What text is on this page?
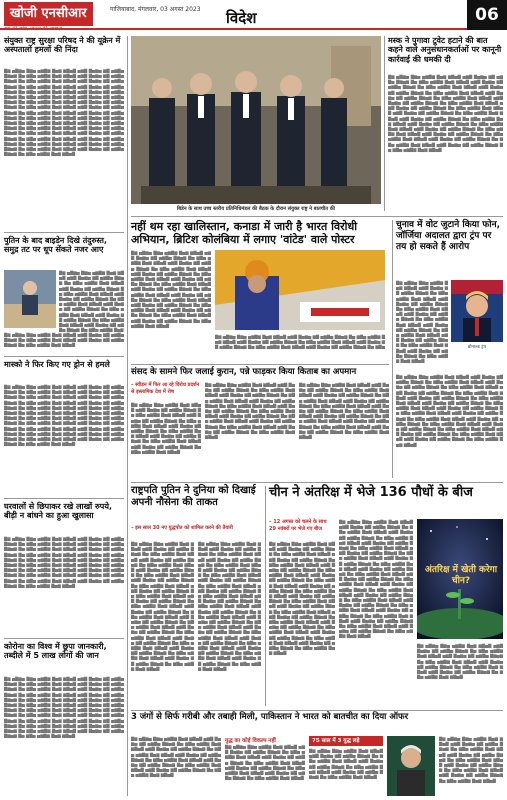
खोजी एनसीआर
सच की जांच, जनता की आवाज़
गाजियाबाद, मंगलवार, 03 अगस्त 2023	विदेश	06
संयुक्त राष्ट्र सुरक्षा परिषद ने की यूक्रेन में अस्पतालों हमलों की निंदा
▇▆ ▅▇▆▅ ▇▆▅ ▅▆▇▆ ▇▅▆ ▆▇▅▇ ▅▆▇ ▇▅▆▅ ▆▇ ▅▆▇▅ ▇▆▅▆ ▇▅ ▆▇▅ ▅▆▇▆ ▇▅▆ ▆▇▅▇ ▅▆▇ ▇▅▆▅ ▆▇ ▅▆▇▅ ▇▆▅▆ ▇▅ ▆▇▅ ▅▆▇▆ ▇▅▆ ▆▇▅▇ ▅▆▇ ▇▅▆▅ ▆▇ ▅▆▇▅ ▇▆▅▆ ▇▅ ▆▇▅ ▅▆▇▆ ▇▅▆ ▆▇▅▇ ▅▆▇ ▇▅▆▅ ▆▇ ▅▆▇▅ ▇▆▅▆ ▇▅ ▆▇▅ ▅▆▇▆ ▇▅▆ ▆▇▅▇ ▅▆▇ ▇▅▆▅ ▆▇ ▅▆▇▅ ▇▆▅▆ ▇▅ ▆▇▅ ▅▆▇▆ ▇▅▆ ▆▇▅▇ ▅▆▇ ▇▅▆▅ ▆▇ ▅▆▇▅ ▇▆▅▆ ▇▅ ▆▇▅ ▅▆▇▆ ▇▅▆ ▆▇▅▇ ▅▆▇ ▇▅▆▅ ▆▇ ▅▆▇▅ ▇▆▅▆ ▇▅ ▆▇▅ ▅▆▇▆ ▇▅▆ ▆▇▅▇ ▅▆▇ ▇▅▆▅ ▆▇ ▅▆▇▅ ▇▆▅▆ ▇▅ ▆▇▅ ▅▆▇▆ ▇▅▆ ▆▇▅▇ ▅▆▇ ▇▅▆▅ ▆▇ ▅▆▇▅ ▇▆▅▆ ▇▅ ▆▇▅ ▅▆▇▆ ▇▅▆ ▆▇▅▇ ▅▆▇ ▇▅▆▅ ▆▇ ▅▆▇▅ ▇▆▅▆ ▇▅ ▆▇▅ ▅▆▇▆ ▇▅▆ ▆▇▅▇ ▅▆▇ ▇▅▆▅ ▆▇ ▅▆▇▅ ▇▆▅▆ ▇▅ ▆▇▅ ▅▆▇▆ ▇▅▆ ▆▇▅▇ ▅▆▇ ▇▅▆▅ ▆▇ ▅▆▇▅ ▇▆▅▆ ▇▅ ▆▇▅ ▅▆▇▆ ▇▅▆ ▆▇▅▇ ▅▆▇ ▇▅▆▅ ▆▇ ▅▆▇▅ ▇▆▅▆ ▇▅ ▆▇▅ ▅▆▇▆ ▇▅▆ ▆▇▅▇ ▅▆▇ ▇▅▆▅ ▆▇ ▅▆▇▅ ▇▆▅▆ ▇▅ ▆▇▅ ▅▆▇▆ ▇▅▆ ▆▇▅▇ ▅▆▇ ▇▅▆▅ ▆▇ ▅▆▇▅ ▇▆▅▆ ▇▅ ▆▇▅ ▅▆▇▆ ▇▅▆ ▆▇▅▇ ▅▆▇ ▇▅▆▅ ▆▇ ▅▆▇▅ ▇▆▅▆ ▇▅ ▆▇▅ ▅▆▇▆ ▇▅▆ ▆▇▅▇
पुतिन के बाद बाइडेन दिखे तंदुरुस्त, समुद्र तट पर धूप सेंकते नजर आए
▇▆ ▅▇▆▅ ▇▆▅ ▅▆▇▆ ▇▅▆ ▆▇▅▇ ▅▆▇ ▇▅▆▅ ▆▇ ▅▆▇▅ ▇▆▅▆ ▇▅ ▆▇▅ ▅▆▇▆ ▇▅▆ ▆▇▅▇ ▅▆▇ ▇▅▆▅ ▆▇ ▅▆▇▅ ▇▆▅▆ ▇▅ ▆▇▅ ▅▆▇▆ ▇▅▆ ▆▇▅▇ ▅▆▇ ▇▅▆▅ ▆▇ ▅▆▇▅ ▇▆▅▆ ▇▅ ▆▇▅ ▅▆▇▆ ▇▅▆ ▆▇▅▇ ▅▆▇ ▇▅▆▅ ▆▇ ▅▆▇▅ ▇▆▅▆ ▇▅ ▆▇▅ ▅▆▇▆ ▇▅▆ ▆▇▅▇ ▅▆▇ ▇▅▆▅ ▆▇ ▅▆▇▅ ▇▆▅▆ ▇▅ ▆▇▅ ▅▆▇▆ ▇▅▆ ▆▇▅▇ ▅▆▇ ▇▅▆▅ ▆▇ ▅▆▇▅ ▇▆▅▆ ▇▅ ▆▇▅ ▅▆▇▆ ▇▅▆
▇▆ ▅▇▆▅ ▇▆▅ ▅▆▇▆ ▇▅▆ ▆▇▅▇ ▅▆▇ ▇▅▆▅ ▆▇ ▅▆▇▅ ▇▆▅▆ ▇▅ ▆▇▅ ▅▆▇▆ ▇▅▆ ▆▇▅▇ ▅▆▇ ▇▅▆▅ ▆▇ ▅▆▇▅ ▇▆▅▆ ▇▅ ▆▇▅ ▅▆▇▆ ▇▅▆ ▆▇▅▇
मास्को ने फिर किए गए ड्रोन से हमले
▇▆ ▅▇▆▅ ▇▆▅ ▅▆▇▆ ▇▅▆ ▆▇▅▇ ▅▆▇ ▇▅▆▅ ▆▇ ▅▆▇▅ ▇▆▅▆ ▇▅ ▆▇▅ ▅▆▇▆ ▇▅▆ ▆▇▅▇ ▅▆▇ ▇▅▆▅ ▆▇ ▅▆▇▅ ▇▆▅▆ ▇▅ ▆▇▅ ▅▆▇▆ ▇▅▆ ▆▇▅▇ ▅▆▇ ▇▅▆▅ ▆▇ ▅▆▇▅ ▇▆▅▆ ▇▅ ▆▇▅ ▅▆▇▆ ▇▅▆ ▆▇▅▇ ▅▆▇ ▇▅▆▅ ▆▇ ▅▆▇▅ ▇▆▅▆ ▇▅ ▆▇▅ ▅▆▇▆ ▇▅▆ ▆▇▅▇ ▅▆▇ ▇▅▆▅ ▆▇ ▅▆▇▅ ▇▆▅▆ ▇▅ ▆▇▅ ▅▆▇▆ ▇▅▆ ▆▇▅▇ ▅▆▇ ▇▅▆▅ ▆▇ ▅▆▇▅ ▇▆▅▆ ▇▅ ▆▇▅ ▅▆▇▆ ▇▅▆ ▆▇▅▇ ▅▆▇ ▇▅▆▅ ▆▇ ▅▆▇▅ ▇▆▅▆ ▇▅ ▆▇▅ ▅▆▇▆ ▇▅▆ ▆▇▅▇ ▅▆▇ ▇▅▆▅ ▆▇ ▅▆▇▅ ▇▆▅▆ ▇▅ ▆▇▅ ▅▆▇▆ ▇▅▆ ▆▇▅▇ ▅▆▇ ▇▅▆▅ ▆▇ ▅▆▇▅ ▇▆▅▆ ▇▅ ▆▇▅ ▅▆▇▆ ▇▅▆ ▆▇▅▇ ▅▆▇ ▇▅▆▅ ▆▇ ▅▆▇▅ ▇▆▅▆ ▇▅ ▆▇▅ ▅▆▇▆ ▇▅▆ ▆▇▅▇ ▅▆▇ ▇▅▆▅ ▆▇ ▅▆▇▅ ▇▆▅▆ ▇▅ ▆▇▅ ▅▆▇▆ ▇▅▆ ▆▇▅▇
घरवालों से छिपाकर रखे लाखों रुपये, बीड़ी न बांधने का हुआ खुलासा
▇▆ ▅▇▆▅ ▇▆▅ ▅▆▇▆ ▇▅▆ ▆▇▅▇ ▅▆▇ ▇▅▆▅ ▆▇ ▅▆▇▅ ▇▆▅▆ ▇▅ ▆▇▅ ▅▆▇▆ ▇▅▆ ▆▇▅▇ ▅▆▇ ▇▅▆▅ ▆▇ ▅▆▇▅ ▇▆▅▆ ▇▅ ▆▇▅ ▅▆▇▆ ▇▅▆ ▆▇▅▇ ▅▆▇ ▇▅▆▅ ▆▇ ▅▆▇▅ ▇▆▅▆ ▇▅ ▆▇▅ ▅▆▇▆ ▇▅▆ ▆▇▅▇ ▅▆▇ ▇▅▆▅ ▆▇ ▅▆▇▅ ▇▆▅▆ ▇▅ ▆▇▅ ▅▆▇▆ ▇▅▆ ▆▇▅▇ ▅▆▇ ▇▅▆▅ ▆▇ ▅▆▇▅ ▇▆▅▆ ▇▅ ▆▇▅ ▅▆▇▆ ▇▅▆ ▆▇▅▇ ▅▆▇ ▇▅▆▅ ▆▇ ▅▆▇▅ ▇▆▅▆ ▇▅ ▆▇▅ ▅▆▇▆ ▇▅▆ ▆▇▅▇ ▅▆▇ ▇▅▆▅ ▆▇ ▅▆▇▅ ▇▆▅▆ ▇▅ ▆▇▅ ▅▆▇▆ ▇▅▆ ▆▇▅▇ ▅▆▇ ▇▅▆▅ ▆▇ ▅▆▇▅ ▇▆▅▆ ▇▅ ▆▇▅ ▅▆▇▆ ▇▅▆ ▆▇▅▇ ▅▆▇ ▇▅▆▅ ▆▇ ▅▆▇▅ ▇▆▅▆ ▇▅ ▆▇▅ ▅▆▇▆ ▇▅▆ ▆▇▅▇
कोरोना का विश्व में छूपा जानकारी, तब्दीले में 5 लाख लोगों की जान
▇▆ ▅▇▆▅ ▇▆▅ ▅▆▇▆ ▇▅▆ ▆▇▅▇ ▅▆▇ ▇▅▆▅ ▆▇ ▅▆▇▅ ▇▆▅▆ ▇▅ ▆▇▅ ▅▆▇▆ ▇▅▆ ▆▇▅▇ ▅▆▇ ▇▅▆▅ ▆▇ ▅▆▇▅ ▇▆▅▆ ▇▅ ▆▇▅ ▅▆▇▆ ▇▅▆ ▆▇▅▇ ▅▆▇ ▇▅▆▅ ▆▇ ▅▆▇▅ ▇▆▅▆ ▇▅ ▆▇▅ ▅▆▇▆ ▇▅▆ ▆▇▅▇ ▅▆▇ ▇▅▆▅ ▆▇ ▅▆▇▅ ▇▆▅▆ ▇▅ ▆▇▅ ▅▆▇▆ ▇▅▆ ▆▇▅▇ ▅▆▇ ▇▅▆▅ ▆▇ ▅▆▇▅ ▇▆▅▆ ▇▅ ▆▇▅ ▅▆▇▆ ▇▅▆ ▆▇▅▇ ▅▆▇ ▇▅▆▅ ▆▇ ▅▆▇▅ ▇▆▅▆ ▇▅ ▆▇▅ ▅▆▇▆ ▇▅▆ ▆▇▅▇ ▅▆▇ ▇▅▆▅ ▆▇ ▅▆▇▅ ▇▆▅▆ ▇▅ ▆▇▅ ▅▆▇▆ ▇▅▆ ▆▇▅▇ ▅▆▇ ▇▅▆▅ ▆▇ ▅▆▇▅ ▇▆▅▆ ▇▅ ▆▇▅ ▅▆▇▆ ▇▅▆ ▆▇▅▇ ▅▆▇ ▇▅▆▅ ▆▇ ▅▆▇▅ ▇▆▅▆ ▇▅ ▆▇▅ ▅▆▇▆ ▇▅▆ ▆▇▅▇ ▅▆▇ ▇▅▆▅ ▆▇ ▅▆▇▅ ▇▆▅▆ ▇▅ ▆▇▅ ▅▆▇▆ ▇▅▆ ▆▇▅▇ ▅▆▇ ▇▅▆▅ ▆▇ ▅▆▇▅ ▇▆▅▆ ▇▅ ▆▇▅ ▅▆▇▆ ▇▅▆ ▆▇▅▇
बिडेन के साथ उच्च स्तरीय प्रतिनिधिमंडल की बैठक के दौरान संयुक्त राष्ट्र ने बातचीत की
मस्क ने पुगावा टूवेट हटाने की बात कहने वाले अनुसंधानकर्ताओं पर कानूनी कार्रवाई की धमकी दी
▇▆ ▅▇▆▅ ▇▆▅ ▅▆▇▆ ▇▅▆ ▆▇▅▇ ▅▆▇ ▇▅▆▅ ▆▇ ▅▆▇▅ ▇▆▅▆ ▇▅ ▆▇▅ ▅▆▇▆ ▇▅▆ ▆▇▅▇ ▅▆▇ ▇▅▆▅ ▆▇ ▅▆▇▅ ▇▆▅▆ ▇▅ ▆▇▅ ▅▆▇▆ ▇▅▆ ▆▇▅▇ ▅▆▇ ▇▅▆▅ ▆▇ ▅▆▇▅ ▇▆▅▆ ▇▅ ▆▇▅ ▅▆▇▆ ▇▅▆ ▆▇▅▇ ▅▆▇ ▇▅▆▅ ▆▇ ▅▆▇▅ ▇▆▅▆ ▇▅ ▆▇▅ ▅▆▇▆ ▇▅▆ ▆▇▅▇ ▅▆▇ ▇▅▆▅ ▆▇ ▅▆▇▅ ▇▆▅▆ ▇▅ ▆▇▅ ▅▆▇▆ ▇▅▆ ▆▇▅▇ ▅▆▇ ▇▅▆▅ ▆▇ ▅▆▇▅ ▇▆▅▆ ▇▅ ▆▇▅ ▅▆▇▆ ▇▅▆ ▆▇▅▇ ▅▆▇ ▇▅▆▅ ▆▇ ▅▆▇▅ ▇▆▅▆ ▇▅ ▆▇▅ ▅▆▇▆ ▇▅▆ ▆▇▅▇ ▅▆▇ ▇▅▆▅ ▆▇ ▅▆▇▅ ▇▆▅▆ ▇▅ ▆▇▅ ▅▆▇▆ ▇▅▆ ▆▇▅▇ ▅▆▇ ▇▅▆▅ ▆▇ ▅▆▇▅ ▇▆▅▆ ▇▅ ▆▇▅ ▅▆▇▆ ▇▅▆ ▆▇▅▇ ▅▆▇ ▇▅▆▅ ▆▇ ▅▆▇▅ ▇▆▅▆ ▇▅ ▆▇▅ ▅▆▇▆ ▇▅▆ ▆▇▅▇ ▅▆▇ ▇▅▆▅ ▆▇ ▅▆▇▅ ▇▆▅▆ ▇▅ ▆▇▅ ▅▆▇▆ ▇▅▆ ▆▇▅▇ ▅▆▇ ▇▅▆▅ ▆▇ ▅▆▇▅ ▇▆▅▆ ▇▅ ▆▇▅ ▅▆▇▆ ▇▅▆ ▆▇▅▇ ▅▆▇ ▇▅▆▅ ▆▇ ▅▆▇▅ ▇▆▅▆ ▇▅ ▆▇▅ ▅▆▇▆ ▇▅▆ ▆▇▅▇
नहीं थम रहा खालिस्तान, कनाडा में जारी है भारत विरोधी अभियान, ब्रिटिश कोलंबिया में लगाए 'वांटेड' वाले पोस्टर
▇▆ ▅▇▆▅ ▇▆▅ ▅▆▇▆ ▇▅▆ ▆▇▅▇ ▅▆▇ ▇▅▆▅ ▆▇ ▅▆▇▅ ▇▆▅▆ ▇▅ ▆▇▅ ▅▆▇▆ ▇▅▆ ▆▇▅▇ ▅▆▇ ▇▅▆▅ ▆▇ ▅▆▇▅ ▇▆▅▆ ▇▅ ▆▇▅ ▅▆▇▆ ▇▅▆ ▆▇▅▇ ▅▆▇ ▇▅▆▅ ▆▇ ▅▆▇▅ ▇▆▅▆ ▇▅ ▆▇▅ ▅▆▇▆ ▇▅▆ ▆▇▅▇ ▅▆▇ ▇▅▆▅ ▆▇ ▅▆▇▅ ▇▆▅▆ ▇▅ ▆▇▅ ▅▆▇▆ ▇▅▆ ▆▇▅▇ ▅▆▇ ▇▅▆▅ ▆▇ ▅▆▇▅ ▇▆▅▆ ▇▅ ▆▇▅ ▅▆▇▆ ▇▅▆ ▆▇▅▇ ▅▆▇ ▇▅▆▅ ▆▇ ▅▆▇▅ ▇▆▅▆ ▇▅ ▆▇▅ ▅▆▇▆ ▇▅▆ ▆▇▅▇ ▅▆▇ ▇▅▆▅ ▆▇ ▅▆▇▅ ▇▆▅▆ ▇▅ ▆▇▅ ▅▆▇▆ ▇▅▆ ▆▇▅▇ ▅▆▇ ▇▅▆▅ ▆▇ ▅▆▇▅ ▇▆▅▆ ▇▅ ▆▇▅ ▅▆▇▆ ▇▅▆ ▆▇▅▇ ▅▆▇ ▇▅▆▅ ▆▇ ▅▆▇▅ ▇▆▅▆ ▇▅ ▆▇▅ ▅▆▇▆ ▇▅▆ ▆▇▅▇
▇▆ ▅▇▆▅ ▇▆▅ ▅▆▇▆ ▇▅▆ ▆▇▅▇ ▅▆▇ ▇▅▆▅ ▆▇ ▅▆▇▅ ▇▆▅▆ ▇▅ ▆▇▅ ▅▆▇▆ ▇▅▆ ▆▇▅▇ ▅▆▇ ▇▅▆▅ ▆▇ ▅▆▇▅ ▇▆▅▆ ▇▅ ▆▇▅ ▅▆▇▆ ▇▅▆ ▆▇▅▇ ▅▆▇ ▇▅▆▅ ▆▇ ▅▆▇▅ ▇▆▅▆ ▇▅ ▆▇▅ ▅▆▇▆ ▇▅▆ ▆▇▅▇ ▅▆▇ ▇▅▆▅ ▆▇ ▅▆▇▅ ▇▆▅▆ ▇▅ ▆▇▅
चुनाव में वोट जुटाने किया फोन, जॉर्जिया अदालत द्वारा ट्रंप पर तय हो सकते हैं आरोप
▇▆ ▅▇▆▅ ▇▆▅ ▅▆▇▆ ▇▅▆ ▆▇▅▇ ▅▆▇ ▇▅▆▅ ▆▇ ▅▆▇▅ ▇▆▅▆ ▇▅ ▆▇▅ ▅▆▇▆ ▇▅▆ ▆▇▅▇ ▅▆▇ ▇▅▆▅ ▆▇ ▅▆▇▅ ▇▆▅▆ ▇▅ ▆▇▅ ▅▆▇▆ ▇▅▆ ▆▇▅▇ ▅▆▇ ▇▅▆▅ ▆▇ ▅▆▇▅ ▇▆▅▆ ▇▅ ▆▇▅ ▅▆▇▆ ▇▅▆ ▆▇▅▇ ▅▆▇ ▇▅▆▅ ▆▇ ▅▆▇▅ ▇▆▅▆ ▇▅ ▆▇▅ ▅▆▇▆ ▇▅▆ ▆▇▅▇ ▅▆▇ ▇▅▆▅ ▆▇ ▅▆▇▅ ▇▆▅▆ ▇▅ ▆▇▅ ▅▆▇▆ ▇▅▆ ▆▇▅▇ ▅▆▇ ▇▅▆▅ ▆▇ ▅▆▇▅ ▇▆▅▆ ▇▅ ▆▇▅ ▅▆▇▆ ▇▅▆ ▆▇▅▇
डोनाल्ड ट्रंप
▇▆ ▅▇▆▅ ▇▆▅ ▅▆▇▆ ▇▅▆ ▆▇▅▇ ▅▆▇ ▇▅▆▅ ▆▇ ▅▆▇▅ ▇▆▅▆ ▇▅ ▆▇▅ ▅▆▇▆ ▇▅▆ ▆▇▅▇ ▅▆▇ ▇▅▆▅ ▆▇ ▅▆▇▅ ▇▆▅▆ ▇▅ ▆▇▅ ▅▆▇▆ ▇▅▆ ▆▇▅▇ ▅▆▇ ▇▅▆▅ ▆▇ ▅▆▇▅ ▇▆▅▆ ▇▅ ▆▇▅ ▅▆▇▆ ▇▅▆ ▆▇▅▇ ▅▆▇ ▇▅▆▅ ▆▇ ▅▆▇▅ ▇▆▅▆ ▇▅ ▆▇▅ ▅▆▇▆ ▇▅▆ ▆▇▅▇ ▅▆▇ ▇▅▆▅ ▆▇ ▅▆▇▅ ▇▆▅▆ ▇▅ ▆▇▅ ▅▆▇▆ ▇▅▆ ▆▇▅▇ ▅▆▇ ▇▅▆▅ ▆▇ ▅▆▇▅ ▇▆▅▆ ▇▅ ▆▇▅ ▅▆▇▆ ▇▅▆ ▆▇▅▇ ▅▆▇ ▇▅▆▅ ▆▇ ▅▆▇▅ ▇▆▅▆ ▇▅ ▆▇▅ ▅▆▇▆ ▇▅▆ ▆▇▅▇ ▅▆▇ ▇▅▆▅ ▆▇ ▅▆▇▅ ▇▆▅▆ ▇▅ ▆▇▅ ▅▆▇▆ ▇▅▆ ▆▇▅▇ ▅▆▇ ▇▅▆▅ ▆▇ ▅▆▇▅ ▇▆▅▆ ▇▅ ▆▇▅ ▅▆▇▆ ▇▅▆ ▆▇▅▇ ▅▆▇ ▇▅▆▅ ▆▇ ▅▆▇▅ ▇▆▅▆ ▇▅ ▆▇▅ ▅▆▇▆ ▇▅▆ ▆▇▅▇ ▅▆▇ ▇▅▆▅ ▆▇ ▅▆▇▅ ▇▆▅▆ ▇▅ ▆▇▅ ▅▆▇▆ ▇▅▆ ▆▇▅▇
संसद के सामने फिर जलाई कुरान, पन्ने फाड़कर किया किताब का अपमान
– स्वीडन में फिर आ रहे विरोध प्रदर्शन से इस्लामिक देश में रोष
▇▆ ▅▇▆▅ ▇▆▅ ▅▆▇▆ ▇▅▆ ▆▇▅▇ ▅▆▇ ▇▅▆▅ ▆▇ ▅▆▇▅ ▇▆▅▆ ▇▅ ▆▇▅ ▅▆▇▆ ▇▅▆ ▆▇▅▇ ▅▆▇ ▇▅▆▅ ▆▇ ▅▆▇▅ ▇▆▅▆ ▇▅ ▆▇▅ ▅▆▇▆ ▇▅▆ ▆▇▅▇ ▅▆▇ ▇▅▆▅ ▆▇ ▅▆▇▅ ▇▆▅▆ ▇▅ ▆▇▅ ▅▆▇▆ ▇▅▆ ▆▇▅▇ ▅▆▇ ▇▅▆▅ ▆▇ ▅▆▇▅ ▇▆▅▆ ▇▅ ▆▇▅ ▅▆▇▆ ▇▅▆ ▆▇▅▇ ▅▆▇ ▇▅▆▅ ▆▇ ▅▆▇▅ ▇▆▅▆ ▇▅ ▆▇▅ ▅▆▇▆ ▇▅▆ ▆▇▅▇
▇▆ ▅▇▆▅ ▇▆▅ ▅▆▇▆ ▇▅▆ ▆▇▅▇ ▅▆▇ ▇▅▆▅ ▆▇ ▅▆▇▅ ▇▆▅▆ ▇▅ ▆▇▅ ▅▆▇▆ ▇▅▆ ▆▇▅▇ ▅▆▇ ▇▅▆▅ ▆▇ ▅▆▇▅ ▇▆▅▆ ▇▅ ▆▇▅ ▅▆▇▆ ▇▅▆ ▆▇▅▇ ▅▆▇ ▇▅▆▅ ▆▇ ▅▆▇▅ ▇▆▅▆ ▇▅ ▆▇▅ ▅▆▇▆ ▇▅▆ ▆▇▅▇ ▅▆▇ ▇▅▆▅ ▆▇ ▅▆▇▅ ▇▆▅▆ ▇▅ ▆▇▅ ▅▆▇▆ ▇▅▆ ▆▇▅▇ ▅▆▇ ▇▅▆▅ ▆▇ ▅▆▇▅ ▇▆▅▆ ▇▅ ▆▇▅ ▅▆▇▆ ▇▅▆ ▆▇▅▇ ▅▆▇ ▇▅▆▅ ▆▇ ▅▆▇▅ ▇▆▅▆ ▇▅ ▆▇▅ ▅▆▇▆ ▇▅▆ ▆▇▅▇ ▅▆▇ ▇▅▆▅ ▆▇ ▅▆▇▅ ▇▆▅▆ ▇▅ ▆▇▅ ▅▆▇▆ ▇▅▆ ▆▇▅▇
▇▆ ▅▇▆▅ ▇▆▅ ▅▆▇▆ ▇▅▆ ▆▇▅▇ ▅▆▇ ▇▅▆▅ ▆▇ ▅▆▇▅ ▇▆▅▆ ▇▅ ▆▇▅ ▅▆▇▆ ▇▅▆ ▆▇▅▇ ▅▆▇ ▇▅▆▅ ▆▇ ▅▆▇▅ ▇▆▅▆ ▇▅ ▆▇▅ ▅▆▇▆ ▇▅▆ ▆▇▅▇ ▅▆▇ ▇▅▆▅ ▆▇ ▅▆▇▅ ▇▆▅▆ ▇▅ ▆▇▅ ▅▆▇▆ ▇▅▆ ▆▇▅▇ ▅▆▇ ▇▅▆▅ ▆▇ ▅▆▇▅ ▇▆▅▆ ▇▅ ▆▇▅ ▅▆▇▆ ▇▅▆ ▆▇▅▇ ▅▆▇ ▇▅▆▅ ▆▇ ▅▆▇▅ ▇▆▅▆ ▇▅ ▆▇▅ ▅▆▇▆ ▇▅▆ ▆▇▅▇ ▅▆▇ ▇▅▆▅ ▆▇ ▅▆▇▅ ▇▆▅▆ ▇▅ ▆▇▅ ▅▆▇▆ ▇▅▆ ▆▇▅▇ ▅▆▇ ▇▅▆▅ ▆▇ ▅▆▇▅ ▇▆▅▆ ▇▅ ▆▇▅ ▅▆▇▆ ▇▅▆ ▆▇▅▇
राष्ट्रपति पुतिन ने दुनिया को दिखाई अपनी नौसेना की ताकत
– इस साल 30 नए युद्धपोत को शामिल करने की तैयारी
▇▆ ▅▇▆▅ ▇▆▅ ▅▆▇▆ ▇▅▆ ▆▇▅▇ ▅▆▇ ▇▅▆▅ ▆▇ ▅▆▇▅ ▇▆▅▆ ▇▅ ▆▇▅ ▅▆▇▆ ▇▅▆ ▆▇▅▇ ▅▆▇ ▇▅▆▅ ▆▇ ▅▆▇▅ ▇▆▅▆ ▇▅ ▆▇▅ ▅▆▇▆ ▇▅▆ ▆▇▅▇ ▅▆▇ ▇▅▆▅ ▆▇ ▅▆▇▅ ▇▆▅▆ ▇▅ ▆▇▅ ▅▆▇▆ ▇▅▆ ▆▇▅▇ ▅▆▇ ▇▅▆▅ ▆▇ ▅▆▇▅ ▇▆▅▆ ▇▅ ▆▇▅ ▅▆▇▆ ▇▅▆ ▆▇▅▇ ▅▆▇ ▇▅▆▅ ▆▇ ▅▆▇▅ ▇▆▅▆ ▇▅ ▆▇▅ ▅▆▇▆ ▇▅▆ ▆▇▅▇ ▅▆▇ ▇▅▆▅ ▆▇ ▅▆▇▅ ▇▆▅▆ ▇▅ ▆▇▅ ▅▆▇▆ ▇▅▆ ▆▇▅▇ ▅▆▇ ▇▅▆▅ ▆▇ ▅▆▇▅ ▇▆▅▆ ▇▅ ▆▇▅ ▅▆▇▆ ▇▅▆ ▆▇▅▇ ▅▆▇ ▇▅▆▅ ▆▇ ▅▆▇▅ ▇▆▅▆ ▇▅ ▆▇▅ ▅▆▇▆ ▇▅▆ ▆▇▅▇ ▅▆▇ ▇▅▆▅ ▆▇ ▅▆▇▅ ▇▆▅▆ ▇▅ ▆▇▅ ▅▆▇▆ ▇▅▆ ▆▇▅▇ ▅▆▇ ▇▅▆▅ ▆▇ ▅▆▇▅ ▇▆▅▆ ▇▅ ▆▇▅ ▅▆▇▆ ▇▅▆ ▆▇▅▇ ▅▆▇ ▇▅▆▅ ▆▇ ▅▆▇▅ ▇▆▅▆ ▇▅ ▆▇▅ ▅▆▇▆ ▇▅▆ ▆▇▅▇ ▅▆▇ ▇▅▆▅ ▆▇ ▅▆▇▅ ▇▆▅▆ ▇▅ ▆▇▅ ▅▆▇▆ ▇▅▆ ▆▇▅▇
▇▆ ▅▇▆▅ ▇▆▅ ▅▆▇▆ ▇▅▆ ▆▇▅▇ ▅▆▇ ▇▅▆▅ ▆▇ ▅▆▇▅ ▇▆▅▆ ▇▅ ▆▇▅ ▅▆▇▆ ▇▅▆ ▆▇▅▇ ▅▆▇ ▇▅▆▅ ▆▇ ▅▆▇▅ ▇▆▅▆ ▇▅ ▆▇▅ ▅▆▇▆ ▇▅▆ ▆▇▅▇ ▅▆▇ ▇▅▆▅ ▆▇ ▅▆▇▅ ▇▆▅▆ ▇▅ ▆▇▅ ▅▆▇▆ ▇▅▆ ▆▇▅▇ ▅▆▇ ▇▅▆▅ ▆▇ ▅▆▇▅ ▇▆▅▆ ▇▅ ▆▇▅ ▅▆▇▆ ▇▅▆ ▆▇▅▇ ▅▆▇ ▇▅▆▅ ▆▇ ▅▆▇▅ ▇▆▅▆ ▇▅ ▆▇▅ ▅▆▇▆ ▇▅▆ ▆▇▅▇ ▅▆▇ ▇▅▆▅ ▆▇ ▅▆▇▅ ▇▆▅▆ ▇▅ ▆▇▅ ▅▆▇▆ ▇▅▆ ▆▇▅▇ ▅▆▇ ▇▅▆▅ ▆▇ ▅▆▇▅ ▇▆▅▆ ▇▅ ▆▇▅ ▅▆▇▆ ▇▅▆ ▆▇▅▇ ▅▆▇ ▇▅▆▅ ▆▇ ▅▆▇▅ ▇▆▅▆ ▇▅ ▆▇▅ ▅▆▇▆ ▇▅▆ ▆▇▅▇ ▅▆▇ ▇▅▆▅ ▆▇ ▅▆▇▅ ▇▆▅▆ ▇▅ ▆▇▅ ▅▆▇▆ ▇▅▆ ▆▇▅▇ ▅▆▇ ▇▅▆▅ ▆▇ ▅▆▇▅ ▇▆▅▆ ▇▅ ▆▇▅ ▅▆▇▆ ▇▅▆ ▆▇▅▇ ▅▆▇ ▇▅▆▅ ▆▇ ▅▆▇▅ ▇▆▅▆ ▇▅ ▆▇▅ ▅▆▇▆ ▇▅▆ ▆▇▅▇ ▅▆▇ ▇▅▆▅ ▆▇ ▅▆▇▅ ▇▆▅▆ ▇▅ ▆▇▅ ▅▆▇▆ ▇▅▆ ▆▇▅▇
चीन ने अंतरिक्ष में भेजे 136 पौधों के बीज
– 12 अगस्त को चलने के साथ 29 नवंबरों पर भेजे गए बीज
▇▆ ▅▇▆▅ ▇▆▅ ▅▆▇▆ ▇▅▆ ▆▇▅▇ ▅▆▇ ▇▅▆▅ ▆▇ ▅▆▇▅ ▇▆▅▆ ▇▅ ▆▇▅ ▅▆▇▆ ▇▅▆ ▆▇▅▇ ▅▆▇ ▇▅▆▅ ▆▇ ▅▆▇▅ ▇▆▅▆ ▇▅ ▆▇▅ ▅▆▇▆ ▇▅▆ ▆▇▅▇ ▅▆▇ ▇▅▆▅ ▆▇ ▅▆▇▅ ▇▆▅▆ ▇▅ ▆▇▅ ▅▆▇▆ ▇▅▆ ▆▇▅▇ ▅▆▇ ▇▅▆▅ ▆▇ ▅▆▇▅ ▇▆▅▆ ▇▅ ▆▇▅ ▅▆▇▆ ▇▅▆ ▆▇▅▇ ▅▆▇ ▇▅▆▅ ▆▇ ▅▆▇▅ ▇▆▅▆ ▇▅ ▆▇▅ ▅▆▇▆ ▇▅▆ ▆▇▅▇ ▅▆▇ ▇▅▆▅ ▆▇ ▅▆▇▅ ▇▆▅▆ ▇▅ ▆▇▅ ▅▆▇▆ ▇▅▆ ▆▇▅▇ ▅▆▇ ▇▅▆▅ ▆▇ ▅▆▇▅ ▇▆▅▆ ▇▅ ▆▇▅ ▅▆▇▆ ▇▅▆ ▆▇▅▇ ▅▆▇ ▇▅▆▅ ▆▇ ▅▆▇▅ ▇▆▅▆ ▇▅ ▆▇▅ ▅▆▇▆ ▇▅▆ ▆▇▅▇ ▅▆▇ ▇▅▆▅ ▆▇ ▅▆▇▅ ▇▆▅▆ ▇▅ ▆▇▅ ▅▆▇▆ ▇▅▆ ▆▇▅▇ ▅▆▇ ▇▅▆▅ ▆▇ ▅▆▇▅ ▇▆▅▆ ▇▅ ▆▇▅ ▅▆▇▆ ▇▅▆ ▆▇▅▇ ▅▆▇ ▇▅▆▅ ▆▇ ▅▆▇▅ ▇▆▅▆ ▇▅ ▆▇▅ ▅▆▇▆ ▇▅▆ ▆▇▅▇
▇▆ ▅▇▆▅ ▇▆▅ ▅▆▇▆ ▇▅▆ ▆▇▅▇ ▅▆▇ ▇▅▆▅ ▆▇ ▅▆▇▅ ▇▆▅▆ ▇▅ ▆▇▅ ▅▆▇▆ ▇▅▆ ▆▇▅▇ ▅▆▇ ▇▅▆▅ ▆▇ ▅▆▇▅ ▇▆▅▆ ▇▅ ▆▇▅ ▅▆▇▆ ▇▅▆ ▆▇▅▇ ▅▆▇ ▇▅▆▅ ▆▇ ▅▆▇▅ ▇▆▅▆ ▇▅ ▆▇▅ ▅▆▇▆ ▇▅▆ ▆▇▅▇ ▅▆▇ ▇▅▆▅ ▆▇ ▅▆▇▅ ▇▆▅▆ ▇▅ ▆▇▅ ▅▆▇▆ ▇▅▆ ▆▇▅▇ ▅▆▇ ▇▅▆▅ ▆▇ ▅▆▇▅ ▇▆▅▆ ▇▅ ▆▇▅ ▅▆▇▆ ▇▅▆ ▆▇▅▇ ▅▆▇ ▇▅▆▅ ▆▇ ▅▆▇▅ ▇▆▅▆ ▇▅ ▆▇▅ ▅▆▇▆ ▇▅▆ ▆▇▅▇ ▅▆▇ ▇▅▆▅ ▆▇ ▅▆▇▅ ▇▆▅▆ ▇▅ ▆▇▅ ▅▆▇▆ ▇▅▆ ▆▇▅▇ ▅▆▇ ▇▅▆▅ ▆▇ ▅▆▇▅ ▇▆▅▆ ▇▅ ▆▇▅ ▅▆▇▆ ▇▅▆ ▆▇▅▇ ▅▆▇ ▇▅▆▅ ▆▇ ▅▆▇▅ ▇▆▅▆ ▇▅ ▆▇▅ ▅▆▇▆ ▇▅▆ ▆▇▅▇ ▅▆▇ ▇▅▆▅ ▆▇ ▅▆▇▅ ▇▆▅▆ ▇▅ ▆▇▅ ▅▆▇▆ ▇▅▆ ▆▇▅▇ ▅▆▇ ▇▅▆▅ ▆▇ ▅▆▇▅ ▇▆▅▆ ▇▅ ▆▇▅ ▅▆▇▆ ▇▅▆ ▆▇▅▇ ▅▆▇ ▇▅▆▅ ▆▇ ▅▆▇▅ ▇▆▅▆ ▇▅ ▆▇▅ ▅▆▇▆ ▇▅▆ ▆▇▅▇ ▅▆▇ ▇▅▆▅ ▆▇ ▅▆▇▅ ▇▆▅▆ ▇▅ ▆▇▅ ▅▆▇▆ ▇▅▆ ▆▇▅▇
अंतरिक्ष में खेती करेगा चीन?
▇▆ ▅▇▆▅ ▇▆▅ ▅▆▇▆ ▇▅▆ ▆▇▅▇ ▅▆▇ ▇▅▆▅ ▆▇ ▅▆▇▅ ▇▆▅▆ ▇▅ ▆▇▅ ▅▆▇▆ ▇▅▆ ▆▇▅▇ ▅▆▇ ▇▅▆▅ ▆▇ ▅▆▇▅ ▇▆▅▆ ▇▅ ▆▇▅ ▅▆▇▆ ▇▅▆ ▆▇▅▇ ▅▆▇ ▇▅▆▅ ▆▇ ▅▆▇▅ ▇▆▅▆ ▇▅ ▆▇▅ ▅▆▇▆ ▇▅▆ ▆▇▅▇ ▅▆▇ ▇▅▆▅ ▆▇ ▅▆▇▅ ▇▆▅▆ ▇▅ ▆▇▅ ▅▆▇▆ ▇▅▆ ▆▇▅▇
3 जंगों से सिर्फ गरीबी और तबाही मिली, पाकिस्तान ने भारत को बातचीत का दिया ऑफर
▇▆ ▅▇▆▅ ▇▆▅ ▅▆▇▆ ▇▅▆ ▆▇▅▇ ▅▆▇ ▇▅▆▅ ▆▇ ▅▆▇▅ ▇▆▅▆ ▇▅ ▆▇▅ ▅▆▇▆ ▇▅▆ ▆▇▅▇ ▅▆▇ ▇▅▆▅ ▆▇ ▅▆▇▅ ▇▆▅▆ ▇▅ ▆▇▅ ▅▆▇▆ ▇▅▆ ▆▇▅▇ ▅▆▇ ▇▅▆▅ ▆▇ ▅▆▇▅ ▇▆▅▆ ▇▅ ▆▇▅ ▅▆▇▆ ▇▅▆ ▆▇▅▇ ▅▆▇ ▇▅▆▅ ▆▇ ▅▆▇▅ ▇▆▅▆ ▇▅ ▆▇▅ ▅▆▇▆ ▇▅▆ ▆▇▅▇ ▅▆▇ ▇▅▆▅ ▆▇ ▅▆▇▅ ▇▆▅▆ ▇▅ ▆▇▅ ▅▆▇▆ ▇▅▆ ▆▇▅▇
युद्ध का कोई विकल्प नहीं
▇▆ ▅▇▆▅ ▇▆▅ ▅▆▇▆ ▇▅▆ ▆▇▅▇ ▅▆▇ ▇▅▆▅ ▆▇ ▅▆▇▅ ▇▆▅▆ ▇▅ ▆▇▅ ▅▆▇▆ ▇▅▆ ▆▇▅▇ ▅▆▇ ▇▅▆▅ ▆▇ ▅▆▇▅ ▇▆▅▆ ▇▅ ▆▇▅ ▅▆▇▆ ▇▅▆ ▆▇▅▇ ▅▆▇ ▇▅▆▅ ▆▇ ▅▆▇▅ ▇▆▅▆ ▇▅ ▆▇▅ ▅▆▇▆ ▇▅▆ ▆▇▅▇ ▅▆▇ ▇▅▆▅ ▆▇ ▅▆▇▅ ▇▆▅▆ ▇▅ ▆▇▅ ▅▆▇▆ ▇▅▆ ▆▇▅▇
75 साल में 3 युद्ध लड़े
▇▆ ▅▇▆▅ ▇▆▅ ▅▆▇▆ ▇▅▆ ▆▇▅▇ ▅▆▇ ▇▅▆▅ ▆▇ ▅▆▇▅ ▇▆▅▆ ▇▅ ▆▇▅ ▅▆▇▆ ▇▅▆ ▆▇▅▇ ▅▆▇ ▇▅▆▅ ▆▇ ▅▆▇▅ ▇▆▅▆ ▇▅ ▆▇▅ ▅▆▇▆ ▇▅▆ ▆▇▅▇ ▅▆▇ ▇▅▆▅ ▆▇ ▅▆▇▅ ▇▆▅▆ ▇▅ ▆▇▅ ▅▆▇▆ ▇▅▆ ▆▇▅▇
▇▆ ▅▇▆▅ ▇▆▅ ▅▆▇▆ ▇▅▆ ▆▇▅▇ ▅▆▇ ▇▅▆▅ ▆▇ ▅▆▇▅ ▇▆▅▆ ▇▅ ▆▇▅ ▅▆▇▆ ▇▅▆ ▆▇▅▇ ▅▆▇ ▇▅▆▅ ▆▇ ▅▆▇▅ ▇▆▅▆ ▇▅ ▆▇▅ ▅▆▇▆ ▇▅▆ ▆▇▅▇ ▅▆▇ ▇▅▆▅ ▆▇ ▅▆▇▅ ▇▆▅▆ ▇▅ ▆▇▅ ▅▆▇▆ ▇▅▆ ▆▇▅▇ ▅▆▇ ▇▅▆▅ ▆▇ ▅▆▇▅ ▇▆▅▆ ▇▅ ▆▇▅ ▅▆▇▆ ▇▅▆ ▆▇▅▇
